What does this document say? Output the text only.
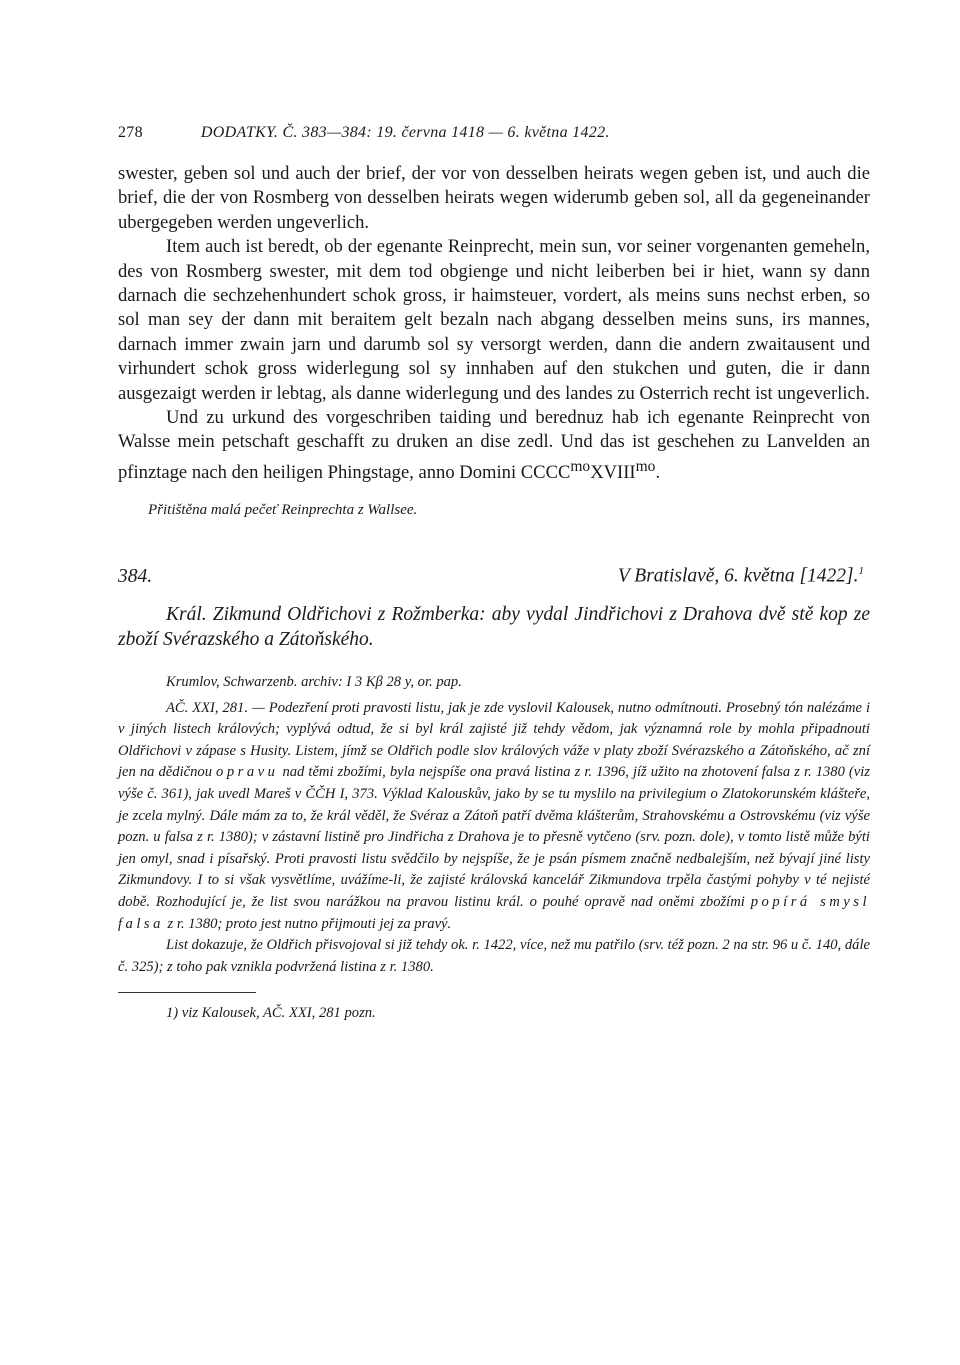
278	DODATKY. Č. 383—384: 19. června 1418 — 6. května 1422.

swester, geben sol und auch der brief, der vor von desselben heirats wegen geben ist, und auch die brief, die der von Rosmberg von desselben heirats wegen widerumb geben sol, all da gegeneinander ubergegeben werden ungeverlich.

Item auch ist beredt, ob der egenante Reinprecht, mein sun, vor seiner vorgenanten gemeheln, des von Rosmberg swester, mit dem tod obgienge und nicht leiberben bei ir hiet, wann sy dann darnach die sechzehenhundert schok gross, ir haimsteuer, vordert, als meins suns nechst erben, so sol man sey der dann mit beraitem gelt bezaln nach abgang desselben meins suns, irs mannes, darnach immer zwain jarn und darumb sol sy versorgt werden, dann die andern zwaitausent und virhundert schok gross widerlegung sol sy innhaben auf den stukchen und guten, die ir dann ausgezaigt werden ir lebtag, als danne widerlegung und des landes zu Osterrich recht ist ungeverlich.

Und zu urkund des vorgeschriben taiding und berednuz hab ich egenante Reinprecht von Walsse mein petschaft geschafft zu druken an dise zedl. Und das ist geschehen zu Lanvelden an pfinztage nach den heiligen Phingstage, anno Domini $CCCC^{mo}XVIII^{mo}$.

Přitištěna malá pečeť Reinprechta z Wallsee.
384.	V Bratislavě, 6. května [1422].$^1$
Král. Zikmund Oldřichovi z Rožmberka: aby vydal Jindřichovi z Drahova dvě stě kop ze zboží Svérazského a Zátoňského.

Krumlov, Schwarzenb. archiv: I 3 Kβ 28 y, or. pap.

AČ. XXI, 281. — Podezření proti pravosti listu, jak je zde vyslovil Kalousek, nutno odmítnouti. Prosebný tón nalézáme i v jiných listech králových; vyplývá odtud, že si byl král zajisté již tehdy vědom, jak významná role by mohla připadnouti Oldřichovi v zápase s Husity. Listem, jímž se Oldřich podle slov králových váže v platy zboží Svérazského a Zátoňského, ač zní jen na dědičnou opravu nad těmi zbožími, byla nejspíše ona pravá listina z r. 1396, jíž užito na zhotovení falsa z r. 1380 (viz výše č. 361), jak uvedl Mareš v ČČH I, 373. Výklad Kalouskův, jako by se tu myslilo na privilegium o Zlatokorunském klášteře, je zcela mylný. Dále mám za to, že král věděl, že Svéraz a Zátoň patří dvěma klášterům, Strahovskému a Ostrovskému (viz výše pozn. u falsa z r. 1380); v zástavní listině pro Jindřicha z Drahova je to přesně vytčeno (srv. pozn. dole), v tomto listě může býti jen omyl, snad i písařský. Proti pravosti listu svědčilo by nejspíše, že je psán písmem značně nedbalejším, než bývají jiné listy Zikmundovy. I to si však vysvětlíme, uvážíme-li, že zajisté královská kancelář Zikmundova trpěla častými pohyby v té nejisté době. Rozhodující je, že list svou narážkou na pravou listinu král. o pouhé opravě nad oněmi zbožími popírá smysl falsa z r. 1380; proto jest nutno přijmouti jej za pravý.

List dokazuje, že Oldřich přisvojoval si již tehdy ok. r. 1422, více, než mu patřilo (srv. též pozn. 2 na str. 96 u č. 140, dále č. 325); z toho pak vznikla podvržená listina z r. 1380.

1) viz Kalousek, AČ. XXI, 281 pozn.
